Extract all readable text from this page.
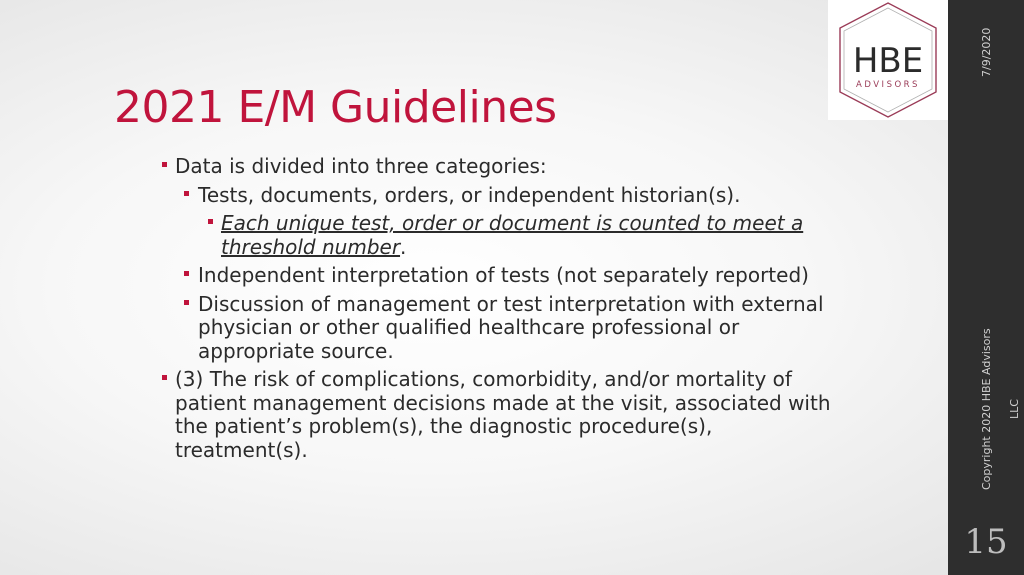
7/9/2020
Copyright 2020 HBE Advisors LLC
15
HBE
ADVISORS
2021 E/M Guidelines

Data is divided into three categories:

Tests, documents, orders, or independent historian(s).

Each unique test, order or document is counted to meet a threshold number.

Independent interpretation of tests (not separately reported)

Discussion of management or test interpretation with external physician or other qualified healthcare professional or appropriate source.

(3) The risk of complications, comorbidity, and/or mortality of patient management decisions made at the visit, associated with the patient’s problem(s), the diagnostic procedure(s), treatment(s).
